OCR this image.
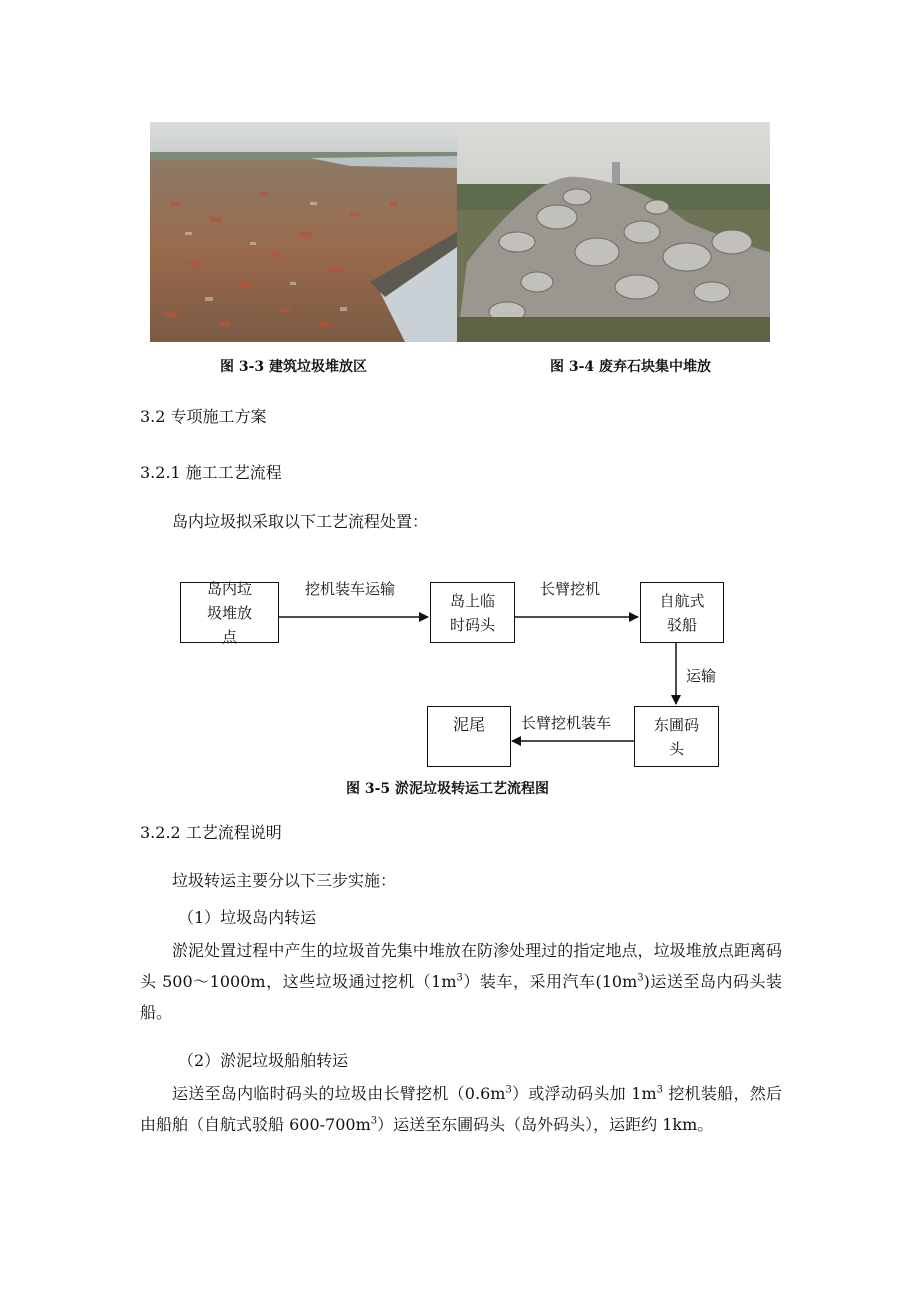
图 3-3 建筑垃圾堆放区	图 3-4 废弃石块集中堆放
3.2 专项施工方案
3.2.1 施工工艺流程
岛内垃圾拟采取以下工艺流程处置：
岛内垃圾堆放点
岛上临时码头
自航式驳船
东圃码头
泥尾
挖机装车运输	长臂挖机
运输
长臂挖机装车
图 3-5 淤泥垃圾转运工艺流程图
3.2.2 工艺流程说明
垃圾转运主要分以下三步实施：
（1）垃圾岛内转运
淤泥处置过程中产生的垃圾首先集中堆放在防渗处理过的指定地点，垃圾堆放点距离码头 500～1000m，这些垃圾通过挖机$(1m^3)$装车，采用汽车$(10m^3)$运送至岛内码头装船。
（2）淤泥垃圾船舶转运
运送至岛内临时码头的垃圾由长臂挖机$(0.6m^3)$或浮动码头加 $1m^3$ 挖机装船，然后由船舶（自航式驳船 $600-700m^3$）运送至东圃码头（岛外码头），运距约 1km。
